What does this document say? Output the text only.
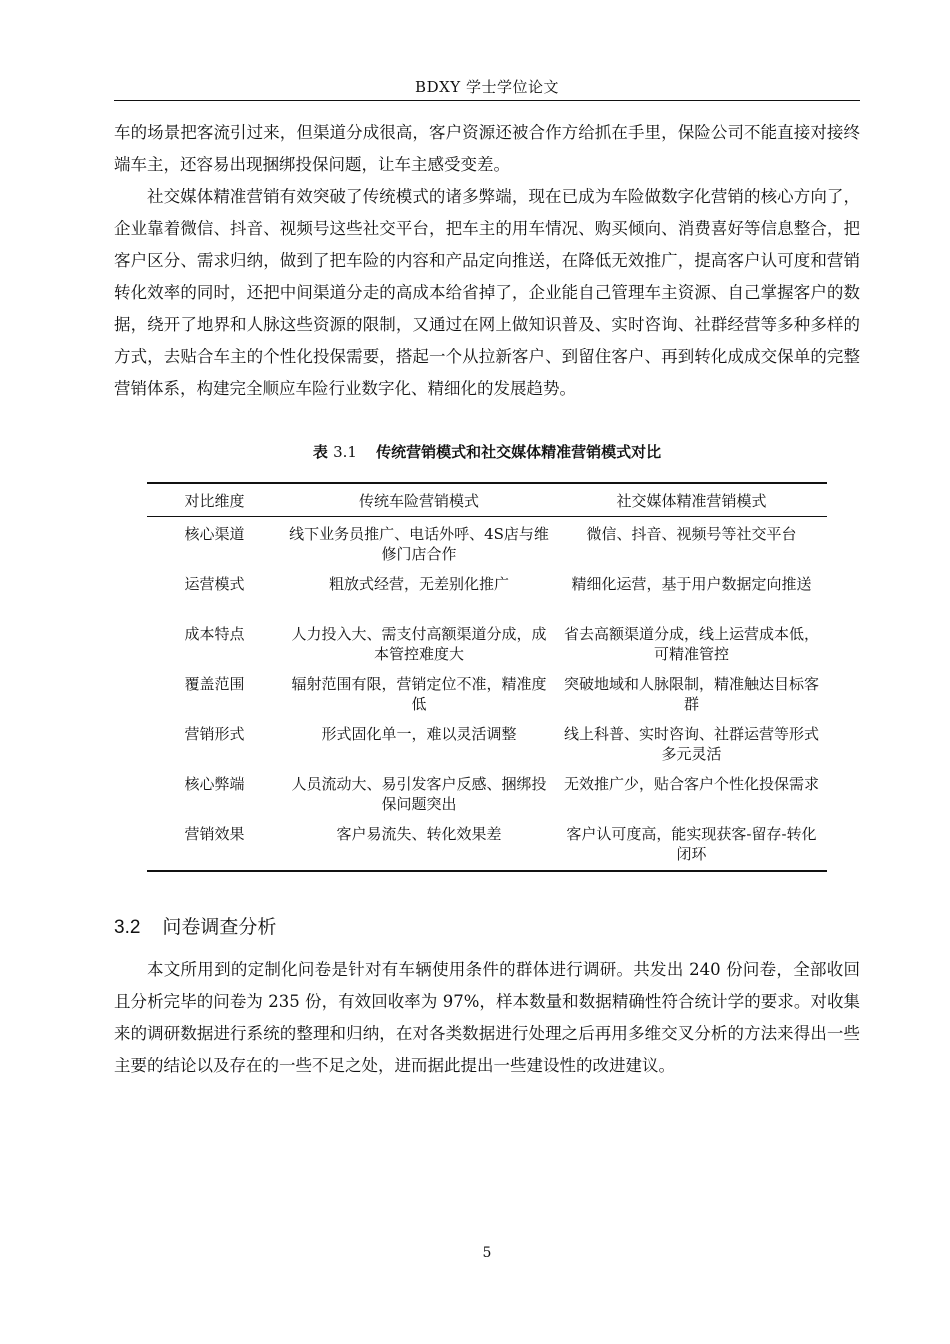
BDXY 学士学位论文

车的场景把客流引过来，但渠道分成很高，客户资源还被合作方给抓在手里，保险公司不能直接对接终端车主，还容易出现捆绑投保问题，让车主感受变差。

社交媒体精准营销有效突破了传统模式的诸多弊端，现在已成为车险做数字化营销的核心方向了，企业靠着微信、抖音、视频号这些社交平台，把车主的用车情况、购买倾向、消费喜好等信息整合，把客户区分、需求归纳，做到了把车险的内容和产品定向推送，在降低无效推广，提高客户认可度和营销转化效率的同时，还把中间渠道分走的高成本给省掉了，企业能自己管理车主资源、自己掌握客户的数据，绕开了地界和人脉这些资源的限制，又通过在网上做知识普及、实时咨询、社群经营等多种多样的方式，去贴合车主的个性化投保需要，搭起一个从拉新客户、到留住客户、再到转化成成交保单的完整营销体系，构建完全顺应车险行业数字化、精细化的发展趋势。

表 3.1 传统营销模式和社交媒体精准营销模式对比
对比维度	传统车险营销模式	社交媒体精准营销模式
核心渠道	线下业务员推广、电话外呼、4S店与维修门店合作	微信、抖音、视频号等社交平台
运营模式	粗放式经营，无差别化推广	精细化运营，基于用户数据定向推送
成本特点	人力投入大、需支付高额渠道分成，成本管控难度大	省去高额渠道分成，线上运营成本低，可精准管控
覆盖范围	辐射范围有限，营销定位不准，精准度低	突破地域和人脉限制，精准触达目标客群
营销形式	形式固化单一，难以灵活调整	线上科普、实时咨询、社群运营等形式多元灵活
核心弊端	人员流动大、易引发客户反感、捆绑投保问题突出	无效推广少，贴合客户个性化投保需求
营销效果	客户易流失、转化效果差	客户认可度高，能实现获客-留存-转化闭环
3.2 问卷调查分析

本文所用到的定制化问卷是针对有车辆使用条件的群体进行调研。共发出 240 份问卷，全部收回且分析完毕的问卷为 235 份，有效回收率为 97%，样本数量和数据精确性符合统计学的要求。对收集来的调研数据进行系统的整理和归纳，在对各类数据进行处理之后再用多维交叉分析的方法来得出一些主要的结论以及存在的一些不足之处，进而据此提出一些建设性的改进建议。

5
